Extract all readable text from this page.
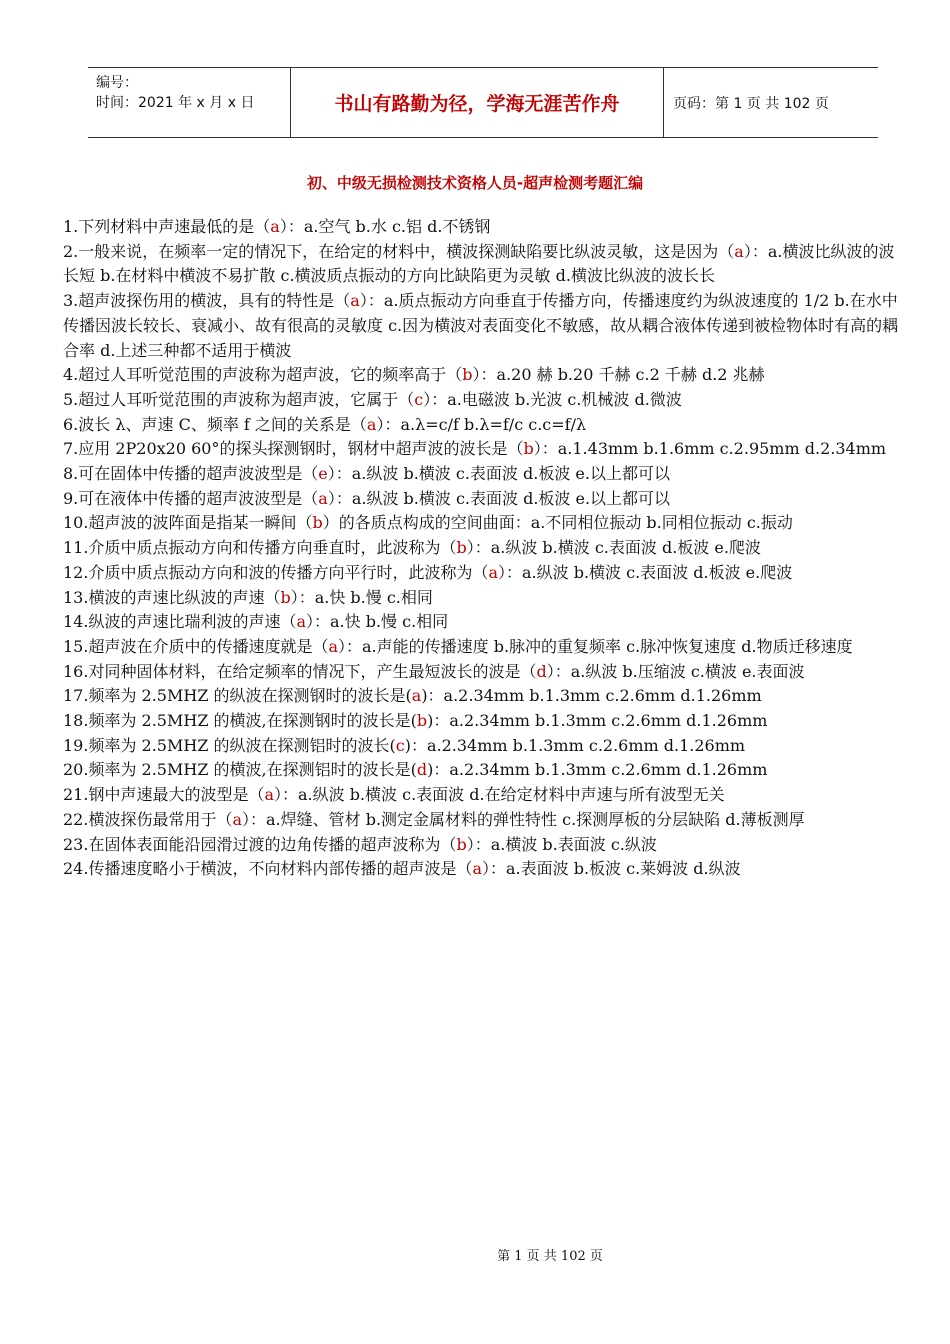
编号：
时间：2021 年 x 月 x 日	书山有路勤为径，学海无涯苦作舟	页码：第 1 页 共 102 页
初、中级无损检测技术资格人员-超声检测考题汇编

1.下列材料中声速最低的是（a）：a.空气 b.水 c.铝 d.不锈钢

2.一般来说，在频率一定的情况下，在给定的材料中，横波探测缺陷要比纵波灵敏，这是因为（a）：a.横波比纵波的波长短 b.在材料中横波不易扩散 c.横波质点振动的方向比缺陷更为灵敏 d.横波比纵波的波长长

3.超声波探伤用的横波，具有的特性是（a）：a.质点振动方向垂直于传播方向，传播速度约为纵波速度的 1/2 b.在水中传播因波长较长、衰减小、故有很高的灵敏度 c.因为横波对表面变化不敏感，故从耦合液体传递到被检物体时有高的耦合率 d.上述三种都不适用于横波

4.超过人耳听觉范围的声波称为超声波，它的频率高于（b）：a.20 赫 b.20 千赫 c.2 千赫 d.2 兆赫

5.超过人耳听觉范围的声波称为超声波，它属于（c）：a.电磁波 b.光波 c.机械波 d.微波

6.波长 λ、声速 C、频率 f 之间的关系是（a）：a.λ=c/f b.λ=f/c c.c=f/λ

7.应用 2P20x20 60°的探头探测钢时，钢材中超声波的波长是（b）：a.1.43mm b.1.6mm c.2.95mm d.2.34mm

8.可在固体中传播的超声波波型是（e）：a.纵波 b.横波 c.表面波 d.板波 e.以上都可以

9.可在液体中传播的超声波波型是（a）：a.纵波 b.横波 c.表面波 d.板波 e.以上都可以

10.超声波的波阵面是指某一瞬间（b）的各质点构成的空间曲面：a.不同相位振动 b.同相位振动 c.振动

11.介质中质点振动方向和传播方向垂直时，此波称为（b）：a.纵波 b.横波 c.表面波 d.板波 e.爬波

12.介质中质点振动方向和波的传播方向平行时，此波称为（a）：a.纵波 b.横波 c.表面波 d.板波 e.爬波

13.横波的声速比纵波的声速（b）：a.快 b.慢 c.相同

14.纵波的声速比瑞利波的声速（a）：a.快 b.慢 c.相同

15.超声波在介质中的传播速度就是（a）：a.声能的传播速度 b.脉冲的重复频率 c.脉冲恢复速度 d.物质迁移速度

16.对同种固体材料，在给定频率的情况下，产生最短波长的波是（d）：a.纵波 b.压缩波 c.横波 e.表面波

17.频率为 2.5MHZ 的纵波在探测钢时的波长是(a)：a.2.34mm b.1.3mm c.2.6mm d.1.26mm

18.频率为 2.5MHZ 的横波,在探测钢时的波长是(b)：a.2.34mm b.1.3mm c.2.6mm d.1.26mm

19.频率为 2.5MHZ 的纵波在探测铝时的波长(c)：a.2.34mm b.1.3mm c.2.6mm d.1.26mm

20.频率为 2.5MHZ 的横波,在探测铝时的波长是(d)：a.2.34mm b.1.3mm c.2.6mm d.1.26mm

21.钢中声速最大的波型是（a）：a.纵波 b.横波 c.表面波 d.在给定材料中声速与所有波型无关

22.横波探伤最常用于（a）：a.焊缝、管材 b.测定金属材料的弹性特性 c.探测厚板的分层缺陷 d.薄板测厚

23.在固体表面能沿园滑过渡的边角传播的超声波称为（b）：a.横波 b.表面波 c.纵波

24.传播速度略小于横波，不向材料内部传播的超声波是（a）：a.表面波 b.板波 c.莱姆波 d.纵波

第 1 页 共 102 页
